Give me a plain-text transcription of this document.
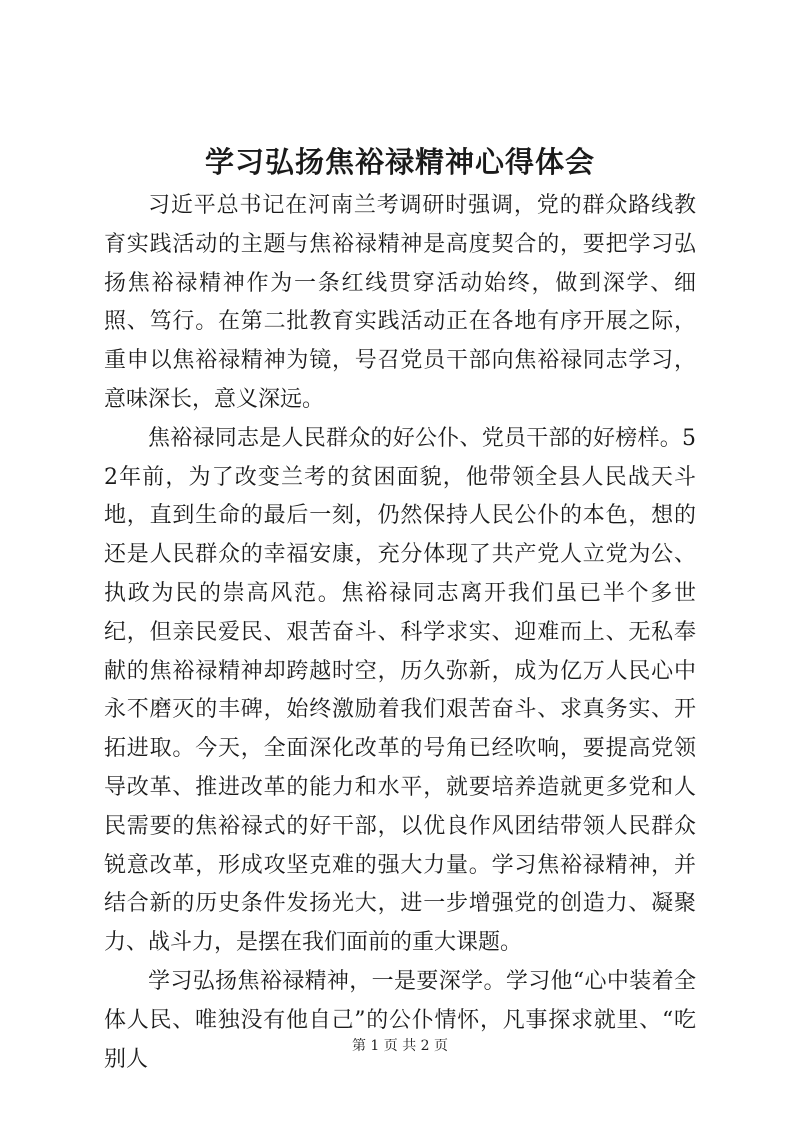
学习弘扬焦裕禄精神心得体会

习近平总书记在河南兰考调研时强调，党的群众路线教育实践活动的主题与焦裕禄精神是高度契合的，要把学习弘扬焦裕禄精神作为一条红线贯穿活动始终，做到深学、细照、笃行。在第二批教育实践活动正在各地有序开展之际，重申以焦裕禄精神为镜，号召党员干部向焦裕禄同志学习，意味深长，意义深远。

焦裕禄同志是人民群众的好公仆、党员干部的好榜样。52年前，为了改变兰考的贫困面貌，他带领全县人民战天斗地，直到生命的最后一刻，仍然保持人民公仆的本色，想的还是人民群众的幸福安康，充分体现了共产党人立党为公、执政为民的崇高风范。焦裕禄同志离开我们虽已半个多世纪，但亲民爱民、艰苦奋斗、科学求实、迎难而上、无私奉献的焦裕禄精神却跨越时空，历久弥新，成为亿万人民心中永不磨灭的丰碑，始终激励着我们艰苦奋斗、求真务实、开拓进取。今天，全面深化改革的号角已经吹响，要提高党领导改革、推进改革的能力和水平，就要培养造就更多党和人民需要的焦裕禄式的好干部，以优良作风团结带领人民群众锐意改革，形成攻坚克难的强大力量。学习焦裕禄精神，并结合新的历史条件发扬光大，进一步增强党的创造力、凝聚力、战斗力，是摆在我们面前的重大课题。

学习弘扬焦裕禄精神，一是要深学。学习他“心中装着全体人民、唯独没有他自己”的公仆情怀，凡事探求就里、“吃别人

第 1 页 共 2 页
